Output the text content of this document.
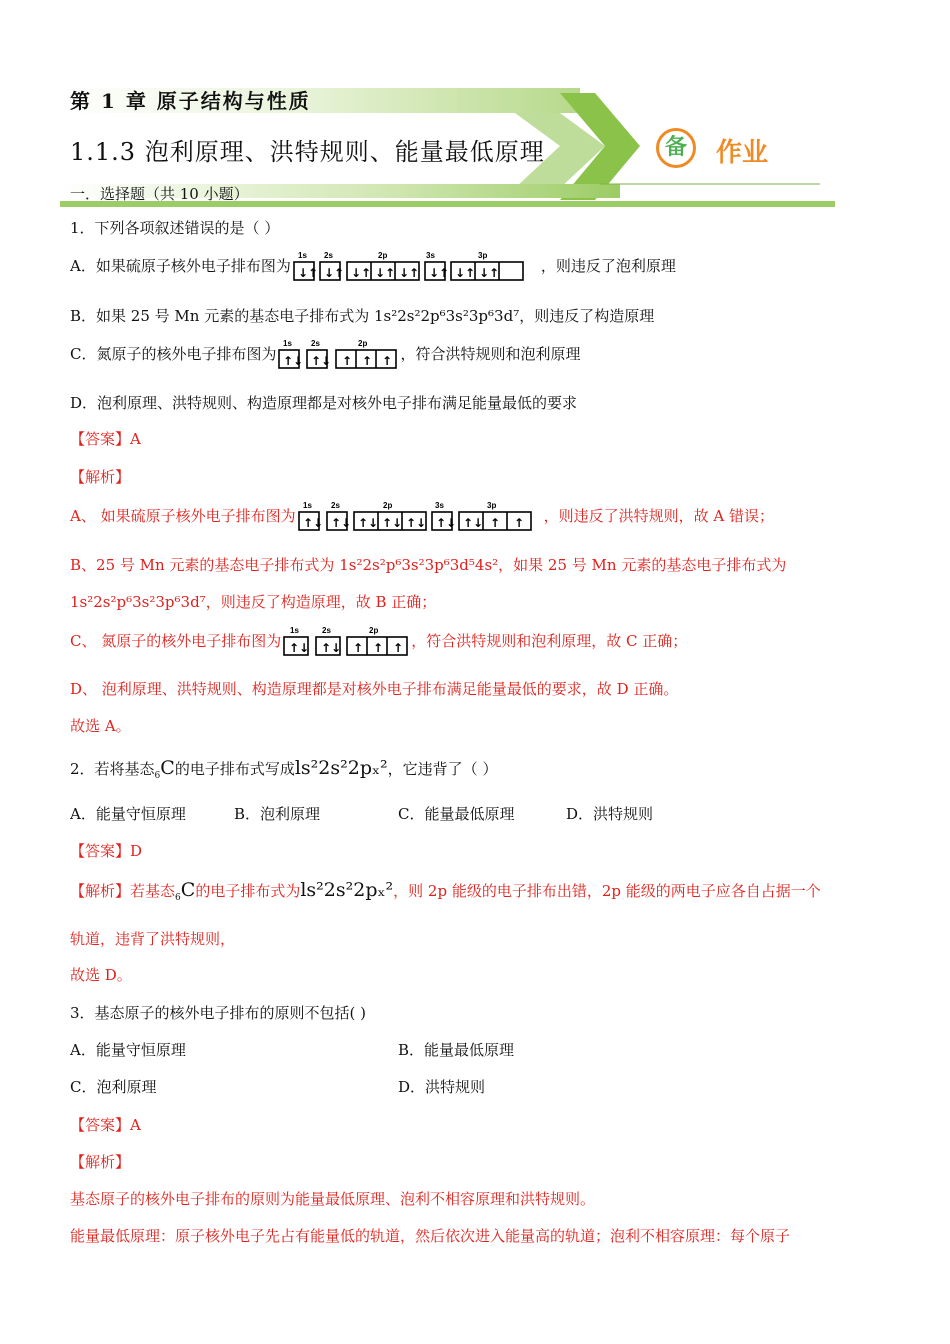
第 1 章 原子结构与性质
1.1.3 泡利原理、洪特规则、能量最低原理	备 作业
一．选择题（共 10 小题）
1．下列各项叙述错误的是（ ）
A．如果硫原子核外电子排布图为
1s 2s	2p	3s	3p
↓↑ ↓↑ ↓↑ ↓↑ ↓↑ ↓↑ ↓↑ ↓↑	，则违反了泡利原理
B．如果 25 号 Mn 元素的基态电子排布式为 1s²2s²2p⁶3s²3p⁶3d⁷，则违反了构造原理
C．氮原子的核外电子排布图为
1s 2s	2p
↑↓ ↑↓ ↑ ↑ ↑ ，符合洪特规则和泡利原理
D．泡利原理、洪特规则、构造原理都是对核外电子排布满足能量最低的要求
【答案】A
【解析】
A、 如果硫原子核外电子排布图为
1s 2s	2p	3s	3p
↑↓ ↑↓ ↑↓ ↑↓ ↑↓ ↑↓ ↑↓ ↑ ↑ ，则违反了洪特规则，故 A 错误；
B、25 号 Mn 元素的基态电子排布式为 1s²2s²p⁶3s²3p⁶3d⁵4s²，如果 25 号 Mn 元素的基态电子排布式为
1s²2s²p⁶3s²3p⁶3d⁷，则违反了构造原理，故 B 正确；
C、 氮原子的核外电子排布图为
1s	2s	2p
↑↓ ↑↓ ↑ ↑ ↑ ，符合洪特规则和泡利原理，故 C 正确；
D、 泡利原理、洪特规则、构造原理都是对核外电子排布满足能量最低的要求，故 D 正确。
故选 A。
2．若将基态$_6$C的电子排布式写成ls²2s²2pₓ²，它违背了（ ）
A．能量守恒原理	B．泡利原理	C．能量最低原理	D．洪特规则
【答案】D
【解析】若基态$_6$C的电子排布式为ls²2s²2pₓ²，则 2p 能级的电子排布出错，2p 能级的两电子应各自占据一个
轨道，违背了洪特规则，
故选 D。
3．基态原子的核外电子排布的原则不包括( )
A．能量守恒原理	B．能量最低原理
C．泡利原理	D．洪特规则
【答案】A
【解析】
基态原子的核外电子排布的原则为能量最低原理、泡利不相容原理和洪特规则。
能量最低原理：原子核外电子先占有能量低的轨道，然后依次进入能量高的轨道；泡利不相容原理：每个原子
